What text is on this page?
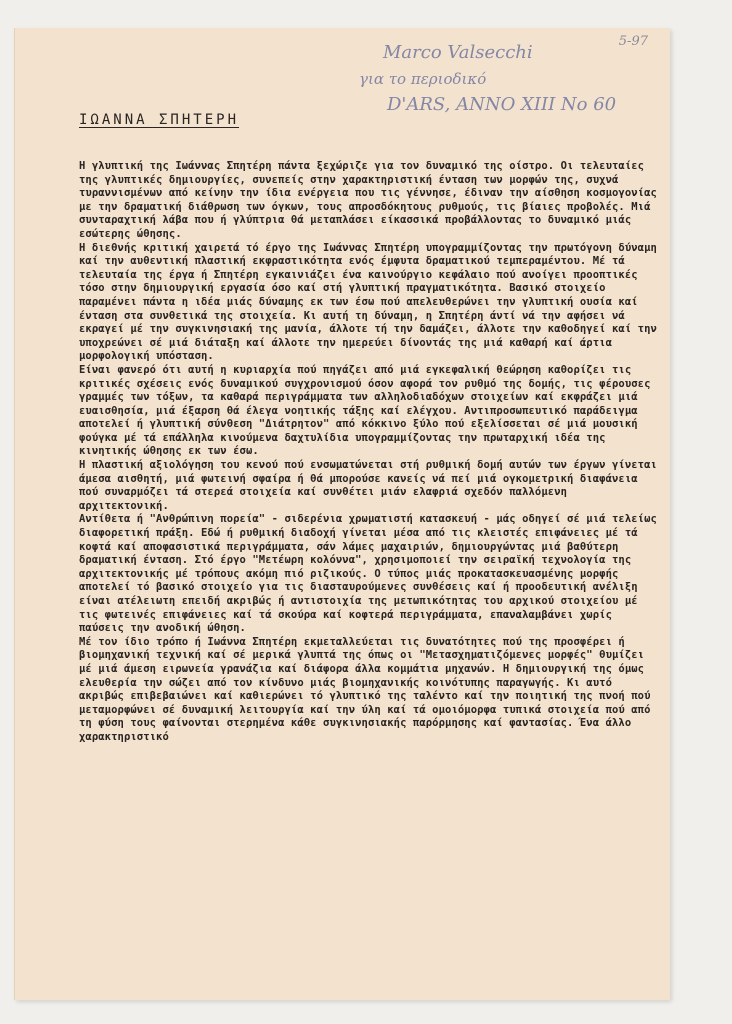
5-97

Marco Valsecchi
για το περιοδικό
D'ARS, ANNO XIII No 60
ΙΩΑΝΝΑ ΣΠΗΤΕΡΗ

Η γλυπτική της Ιωάννας Σπητέρη πάντα ξεχώριζε για τον δυναμικό της οίστρο. Οι τελευταίες της γλυπτικές δημιουργίες, συνεπείς στην χαρακτηριστική ένταση των μορφών της, συχνά τυραννισμένων από κείνην την ίδια ενέργεια που τις γέννησε, έδιναν την αίσθηση κοσμογονίας με την δραματική διάθρωση των όγκων, τους απροσδόκητους ρυθμούς, τις βίαιες προβολές. Μιά συνταραχτική λάβα που ή γλύπτρια θά μεταπλάσει είκασσικά προβάλλοντας το δυναμικό μιάς εσώτερης ώθησης.

Η διεθνής κριτική χαιρετά τό έργο της Ιωάννας Σπητέρη υπογραμμίζοντας την πρωτόγονη δύναμη καί την αυθεντική πλαστική εκφραστικότητα ενός έμφυτα δραματικού τεμπεραμέντου. Μέ τά τελευταία της έργα ή Σπητέρη εγκαινιάζει ένα καινούργιο κεφάλαιο πού ανοίγει προοπτικές τόσο στην δημιουργική εργασία όσο καί στή γλυπτική πραγματικότητα. Βασικό στοιχείο παραμένει πάντα η ιδέα μιάς δύναμης εκ των έσω πού απελευθερώνει την γλυπτική ουσία καί ένταση στα συνθετικά της στοιχεία. Κι αυτή τη δύναμη, η Σπητέρη άντί νά την αφήσει νά εκραγεί μέ την συγκινησιακή της μανία, άλλοτε τή την δαμάζει, άλλοτε την καθοδηγεί καί την υποχρεώνει σέ μιά διάταξη καί άλλοτε την ημερεύει δίνοντάς της μιά καθαρή καί άρτια μορφολογική υπόσταση.

Είναι φανερό ότι αυτή η κυριαρχία πού πηγάζει από μιά εγκεφαλική θεώρηση καθορίζει τις κριτικές σχέσεις ενός δυναμικού συγχρονισμού όσον αφορά τον ρυθμό της δομής, τις φέρουσες γραμμές των τόξων, τα καθαρά περιγράμματα των αλληλοδιαδόχων στοιχείων καί εκφράζει μιά ευαισθησία, μιά έξαρση θά έλεγα νοητικής τάξης καί ελέγχου. Αντιπροσωπευτικό παράδειγμα αποτελεί ή γλυπτική σύνθεση "Διάτρητον" από κόκκινο ξύλο πού εξελίσσεται σέ μιά μουσική φούγκα μέ τά επάλληλα κινούμενα δαχτυλίδια υπογραμμίζοντας την πρωταρχική ιδέα της κινητικής ώθησης εκ των έσω.

Η πλαστική αξιολόγηση του κενού πού ενσωματώνεται στή ρυθμική δομή αυτών των έργων γίνεται άμεσα αισθητή, μιά φωτεινή σφαίρα ή θά μπορούσε κανείς νά πεί μιά ογκομετρική διαφάνεια πού συναρμόζει τά στερεά στοιχεία καί συνθέτει μιάν ελαφριά σχεδόν παλλόμενη αρχιτεκτονική.

Αντίθετα ή "Ανθρώπινη πορεία" - σιδερένια χρωματιστή κατασκευή - μάς οδηγεί σέ μιά τελείως διαφορετική πράξη. Εδώ ή ρυθμική διαδοχή γίνεται μέσα από τις κλειστές επιφάνειες μέ τά κοφτά καί αποφασιστικά περιγράμματα, σάν λάμες μαχαιριών, δημιουργώντας μιά βαθύτερη δραματική ένταση. Στό έργο "Μετέωρη κολόννα", χρησιμοποιεί την σειραϊκή τεχνολογία της αρχιτεκτονικής μέ τρόπους ακόμη πιό ριζικούς. Ο τύπος μιάς προκατασκευασμένης μορφής αποτελεί τό βασικό στοιχείο για τις διασταυρούμενες συνθέσεις καί ή προοδευτική ανέλιξη είναι ατέλειωτη επειδή ακριβώς ή αντιστοιχία της μετωπικότητας του αρχικού στοιχείου μέ τις φωτεινές επιφάνειες καί τά σκούρα καί κοφτερά περιγράμματα, επαναλαμβάνει χωρίς παύσεις την ανοδική ώθηση.

Μέ τον ίδιο τρόπο ή Ιωάννα Σπητέρη εκμεταλλεύεται τις δυνατότητες πού της προσφέρει ή βιομηχανική τεχνική καί σέ μερικά γλυπτά της όπως οι "Μετασχηματιζόμενες μορφές" θυμίζει μέ μιά άμεση ειρωνεία γρανάζια καί διάφορα άλλα κομμάτια μηχανών. Η δημιουργική της όμως ελευθερία την σώζει από τον κίνδυνο μιάς βιομηχανικής κοινότυπης παραγωγής. Κι αυτό ακριβώς επιβεβαιώνει καί καθιερώνει τό γλυπτικό της ταλέντο καί την ποιητική της πνοή πού μεταμορφώνει σέ δυναμική λειτουργία καί την ύλη καί τά ομοιόμορφα τυπικά στοιχεία πού από τη φύση τους φαίνονται στερημένα κάθε συγκινησιακής παρόρμησης καί φαντασίας. Ένα άλλο χαρακτηριστικό
